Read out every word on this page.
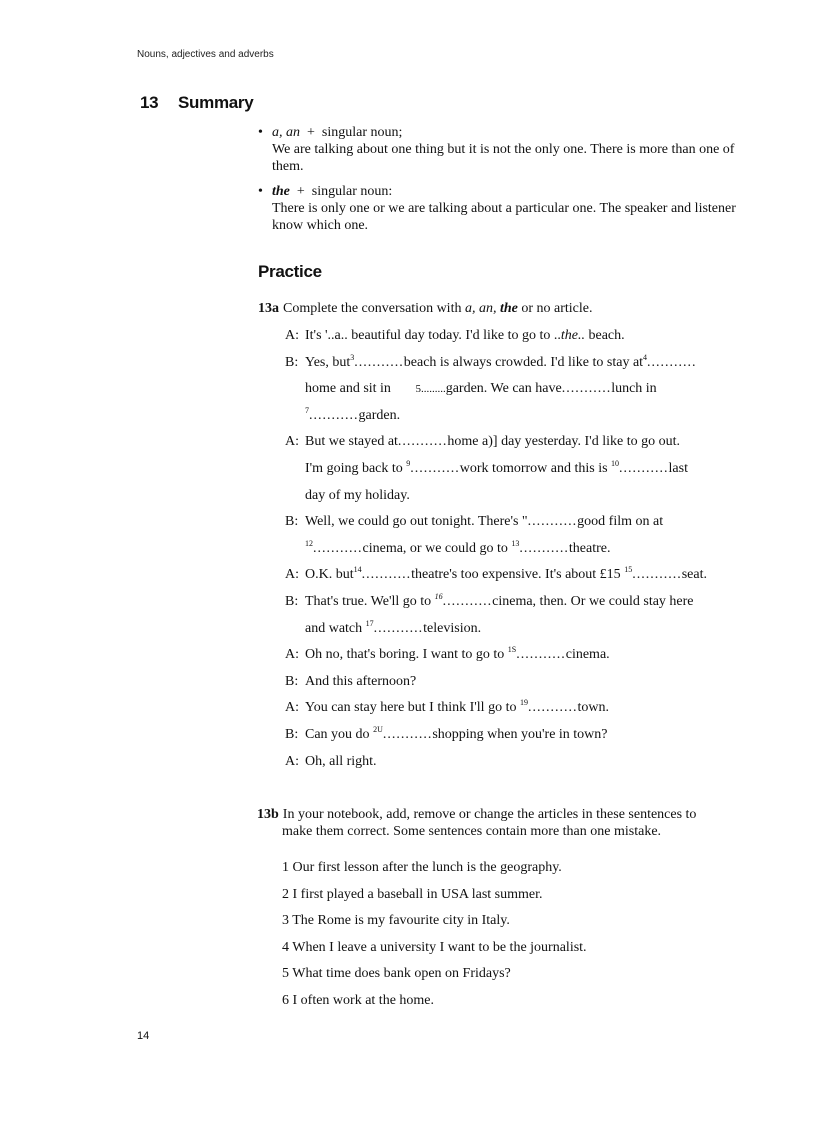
Nouns, adjectives and adverbs
13 Summary
• a, an + singular noun;
We are talking about one thing but it is not the only one. There is more than one of them.
• the + singular noun:
There is only one or we are talking about a particular one. The speaker and listener know which one.
Practice
13a Complete the conversation with a, an, the or no article.
A: It's '..a.. beautiful day today. I'd like to go to ..the.. beach.
B: Yes, but$^3$...........beach is always crowded. I'd like to stay $at^4$...........
home and sit in 5.........garden. We can have...........lunch in
$^7$...........garden.
A: But we stayed at...........home a)] day yesterday. I'd like to go out.
I'm going back to $^9$...........work tomorrow and this is $^{10}$...........last
day of my holiday.
B: Well, we could go out tonight. There's "...........good film on at
$^{12}$...........cinema, or we could go to $^{13}$...........theatre.
A: O.K. but$^{14}$...........theatre's too expensive. It's about £15 $^{15}$...........seat.
B: That's true. We'll go to $^{16}$...........cinema, then. Or we could stay here
and watch $^{17}$...........television.
A: Oh no, that's boring. I want to go to $^{1S}$...........cinema.
B: And this afternoon?
A: You can stay here but I think I'll go to $^{19}$...........town.
B: Can you do $^{2U}$...........shopping when you're in town?
A: Oh, all right.
13b In your notebook, add, remove or change the articles in these sentences to
make them correct. Some sentences contain more than one mistake.
1 Our first lesson after the lunch is the geography.
2 I first played a baseball in USA last summer.
3 The Rome is my favourite city in Italy.
4 When I leave a university I want to be the journalist.
5 What time does bank open on Fridays?
6 I often work at the home.
14
